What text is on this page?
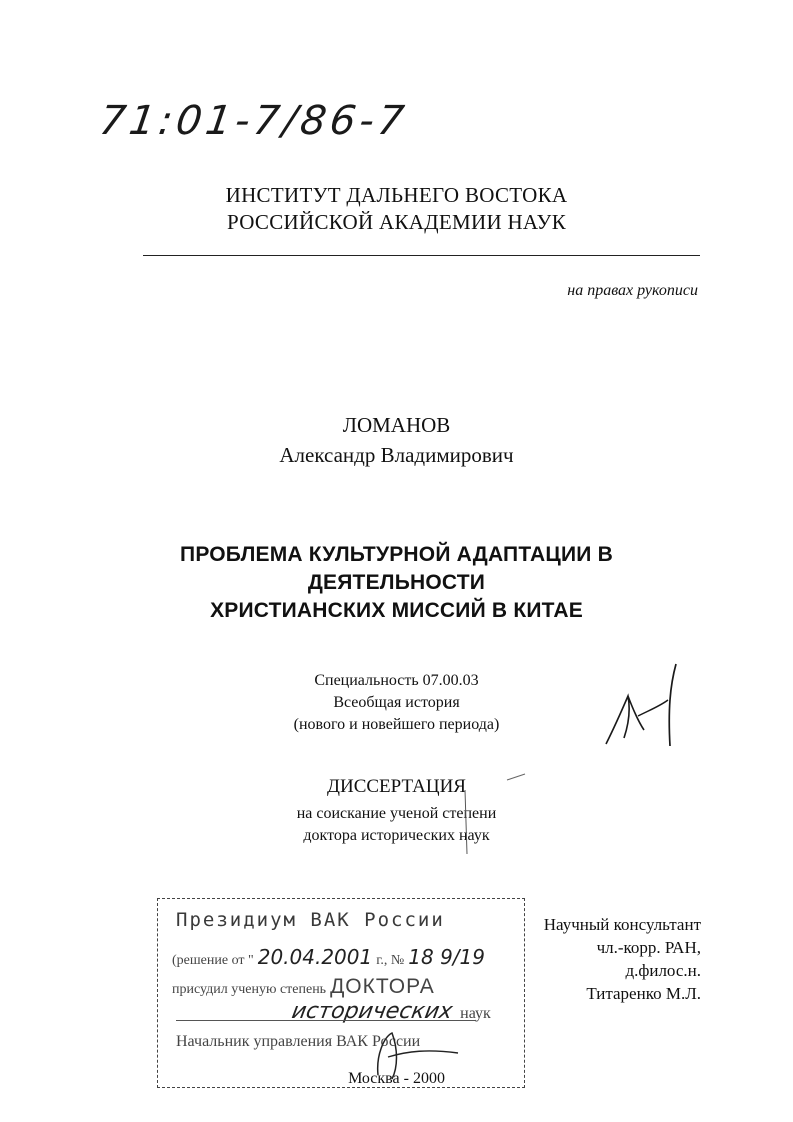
71:01-7/86-7
ИНСТИТУТ ДАЛЬНЕГО ВОСТОКА
РОССИЙСКОЙ АКАДЕМИИ НАУК
на правах рукописи
ЛОМАНОВ
Александр Владимирович
ПРОБЛЕМА КУЛЬТУРНОЙ АДАПТАЦИИ В
ДЕЯТЕЛЬНОСТИ
ХРИСТИАНСКИХ МИССИЙ В КИТАЕ
Специальность 07.00.03
Всеобщая история
(нового и новейшего периода)
ДИССЕРТАЦИЯ
на соискание ученой степени
доктора исторических наук
Научный консультант
чл.-корр. РАН, д.филос.н.
Титаренко М.Л.
Президиум ВАК России
(решение от " 20.04.2001 г., № 18 9/19
присудил ученую степень ДОКТОРА
исторических наук
Начальник управления ВАК России
Москва - 2000
